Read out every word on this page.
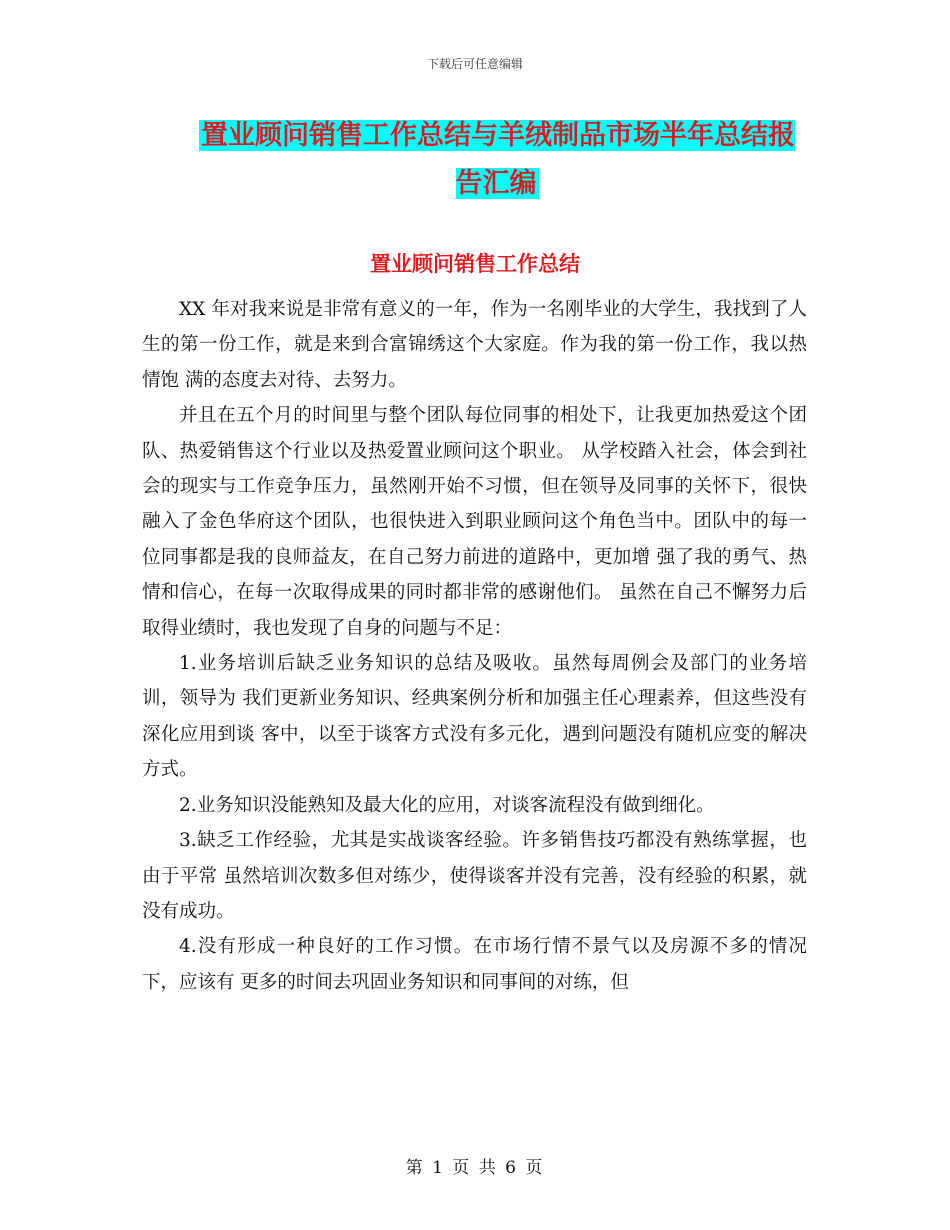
下载后可任意编辑
置业顾问销售工作总结与羊绒制品市场半年总结报告汇编
置业顾问销售工作总结

XX 年对我来说是非常有意义的一年，作为一名刚毕业的大学生，我找到了人 生的第一份工作，就是来到合富锦绣这个大家庭。作为我的第一份工作，我以热情饱 满的态度去对待、去努力。

并且在五个月的时间里与整个团队每位同事的相处下，让我更加热爱这个团队、热爱销售这个行业以及热爱置业顾问这个职业。 从学校踏入社会，体会到社会的现实与工作竞争压力，虽然刚开始不习惯，但在领导及同事的关怀下，很快融入了金色华府这个团队，也很快进入到职业顾问这个角色当中。团队中的每一位同事都是我的良师益友，在自己努力前进的道路中，更加增 强了我的勇气、热情和信心，在每一次取得成果的同时都非常的感谢他们。 虽然在自己不懈努力后取得业绩时，我也发现了自身的问题与不足：

1.业务培训后缺乏业务知识的总结及吸收。虽然每周例会及部门的业务培训，领导为 我们更新业务知识、经典案例分析和加强主任心理素养，但这些没有深化应用到谈 客中，以至于谈客方式没有多元化，遇到问题没有随机应变的解决方式。

2.业务知识没能熟知及最大化的应用，对谈客流程没有做到细化。

3.缺乏工作经验，尤其是实战谈客经验。许多销售技巧都没有熟练掌握，也由于平常 虽然培训次数多但对练少，使得谈客并没有完善，没有经验的积累，就没有成功。

4.没有形成一种良好的工作习惯。在市场行情不景气以及房源不多的情况下，应该有 更多的时间去巩固业务知识和同事间的对练，但

第 1 页 共 6 页
